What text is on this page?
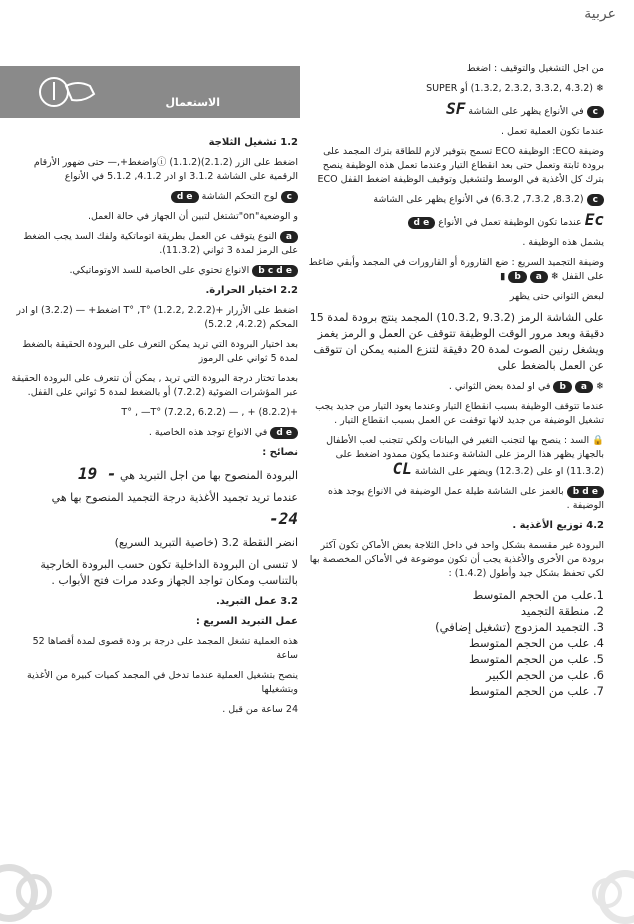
عربية
الاستعمال

1.2 تشغيل الثلاجة

اضغط على الزر ⓘ (1.1.2)(2.1.2)واضغط+,— حتى ضهور الأرقام الرقمية على الشاشة 3.1.2 او ادر 4.1.2, 5.1.2 في الأنواع

c لوح التحكم الشاشة d e

و الوضعية"on"تشتغل لتبين أن الجهاز في حالة العمل.

a النوع يتوقف عن العمل بطريقة اتوماتكية ولفك السد يجب الضغط على الرمز لمدة 3 ثواني (11.3.2).

b c d e الانواع تحتوي على الخاصية للسد الاوتوماتيكي.

2.2 اختيار الحرارة.

اضغط على الأزرار +T° ,T° (1.2.2, 2.2.2) اضغط+ — (3.2.2) او ادر المحكم (4.2.2, 5.2.2)

بعد اختيار البرودة التي تريد يمكن التعرف على البرودة الحقيقة بالضغط لمدة 5 ثواني على الرموز

بعدما تختار درجة البرودة التي تريد , يمكن أن تتعرف على البرودة الحقيقة عبر المؤشرات الضوئية (7.2.2) أو بالضغط لمدة 5 ثواني على القفل.

+T° , —T° (7.2.2, 6.2.2) — , + (8.2.2)

d e في الانواع توجد هذه الخاصية .

نصائح :

البرودة المنصوح بها من اجل التبريد هي 19 -

عندما تريد تجميد الأغذية درجة التجميد المنصوح بها هي

-24

انضر النقطة 3.2 (خاصية التبريد السريع)

لا تنسى ان البرودة الداخلية تكون حسب البرودة الخارجية بالتناسب ومكان تواجد الجهاز وعدد مرات فتح الأبواب .

3.2 عمل التبريد.

عمل التبريد السريع :

هذه العملية تشغل المجمد على درجة بر ودة قصوى لمدة أقصاها 52 ساعة

ينصح بتشغيل العملية عندما تدخل في المجمد كميات كبيرة من الأغذية وبتشغيلها

24 ساعة من قبل .

من اجل التشغيل والتوقيف : اضغط

❄ (4.3.2 ,3.3.2 ,2.3.2 ,1.3.2) أو SUPER

c في الأنواع يظهر على الشاشة SF

عندما تكون العملية تعمل .

وضيفة ECO: الوظيفة ECO تسمح بتوفير لازم للطاقة بترك المجمد على برودة ثابتة وتعمل حتى بعد انقطاع التيار وعندما تعمل هذه الوظيفة ينصح بترك كل الأغذية في الوسط ولتشغيل وتوقيف الوظيفة اضغط القفل ECO

c (8.3.2, 7.3.2, 6.3.2) في الأنواع يظهر على الشاشة

Ec عندما تكون الوظيفة تعمل في الأنواع d e

يشمل هذه الوظيفة .

وضيفة التجميد السريع : ضع القارورة أو القارورات في المجمد وأبقي ضاغط على القفل ❄ a b ▮

لبعض الثواني حتى يظهر

على الشاشة الرمز (9.3.2 ,10.3.2) المجمد ينتج برودة لمدة 15 دقيقة وبعد مرور الوقت الوظيفة تتوقف عن العمل و الرمز يغمز ويشغل رنين الصوت لمدة 20 دقيقة لتنزع المنبه يمكن ان تتوقف عن العمل بالضغط على

❄ a b في او لمدة بعض الثواني .

عندما تتوقف الوظيفة بسبب انقطاع التيار وعندما يعود التيار من جديد يجب تشغيل الوضيفة من جديد لانها توقفت عن العمل بسبب انقطاع التيار .

🔒 السد : ينصح بها لتجنب التغير في البيانات ولكي تتجنب لعب الأطفال بالجهاز يظهر هذا الرمز على الشاشة وعندما يكون ممدود اضغط على (11.3.2) او على (12.3.2) ويضهر على الشاشة CL

b d e بالغمز على الشاشة طيلة عمل الوضيفة في الانواع يوجد هذه الوضيفة .

4.2 توزيع الأغذية .

البرودة غير مقسمة بشكل واحد في داخل الثلاجة بعض الأماكن تكون آكثر برودة من الأخرى والأغذية يجب أن تكون موضوعة في الأماكن المخصصة بها لكي تحفظ بشكل جيد وأطول (1.4.2) :

1.علب من الحجم المتوسط
2. منطقة التجميد
3. التجميد المزدوج (تشغيل إضافي)
4. علب من الحجم المتوسط
5. علب من الحجم المتوسط
6. علب من الحجم الكبير
7. علب من الحجم المتوسط
